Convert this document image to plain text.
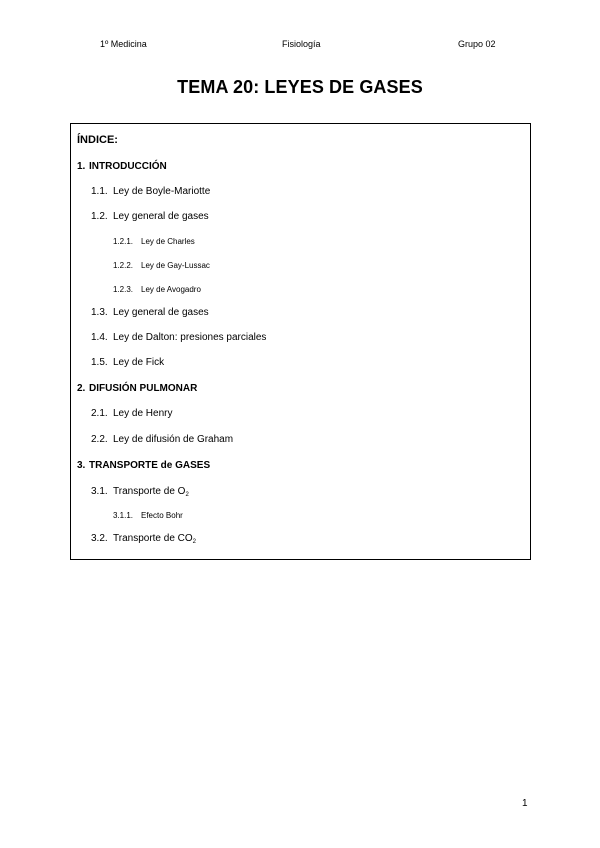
1º Medicina	Fisiología	Grupo 02
TEMA 20: LEYES DE GASES
ÍNDICE:
1. INTRODUCCIÓN
1.1. Ley de Boyle-Mariotte
1.2. Ley general de gases
1.2.1. Ley de Charles
1.2.2. Ley de Gay-Lussac
1.2.3. Ley de Avogadro
1.3. Ley general de gases
1.4. Ley de Dalton: presiones parciales
1.5. Ley de Fick
2. DIFUSIÓN PULMONAR
2.1. Ley de Henry
2.2. Ley de difusión de Graham
3. TRANSPORTE de GASES
3.1. Transporte de $O_2$
3.1.1. Efecto Bohr
3.2. Transporte de $CO_2$
1
